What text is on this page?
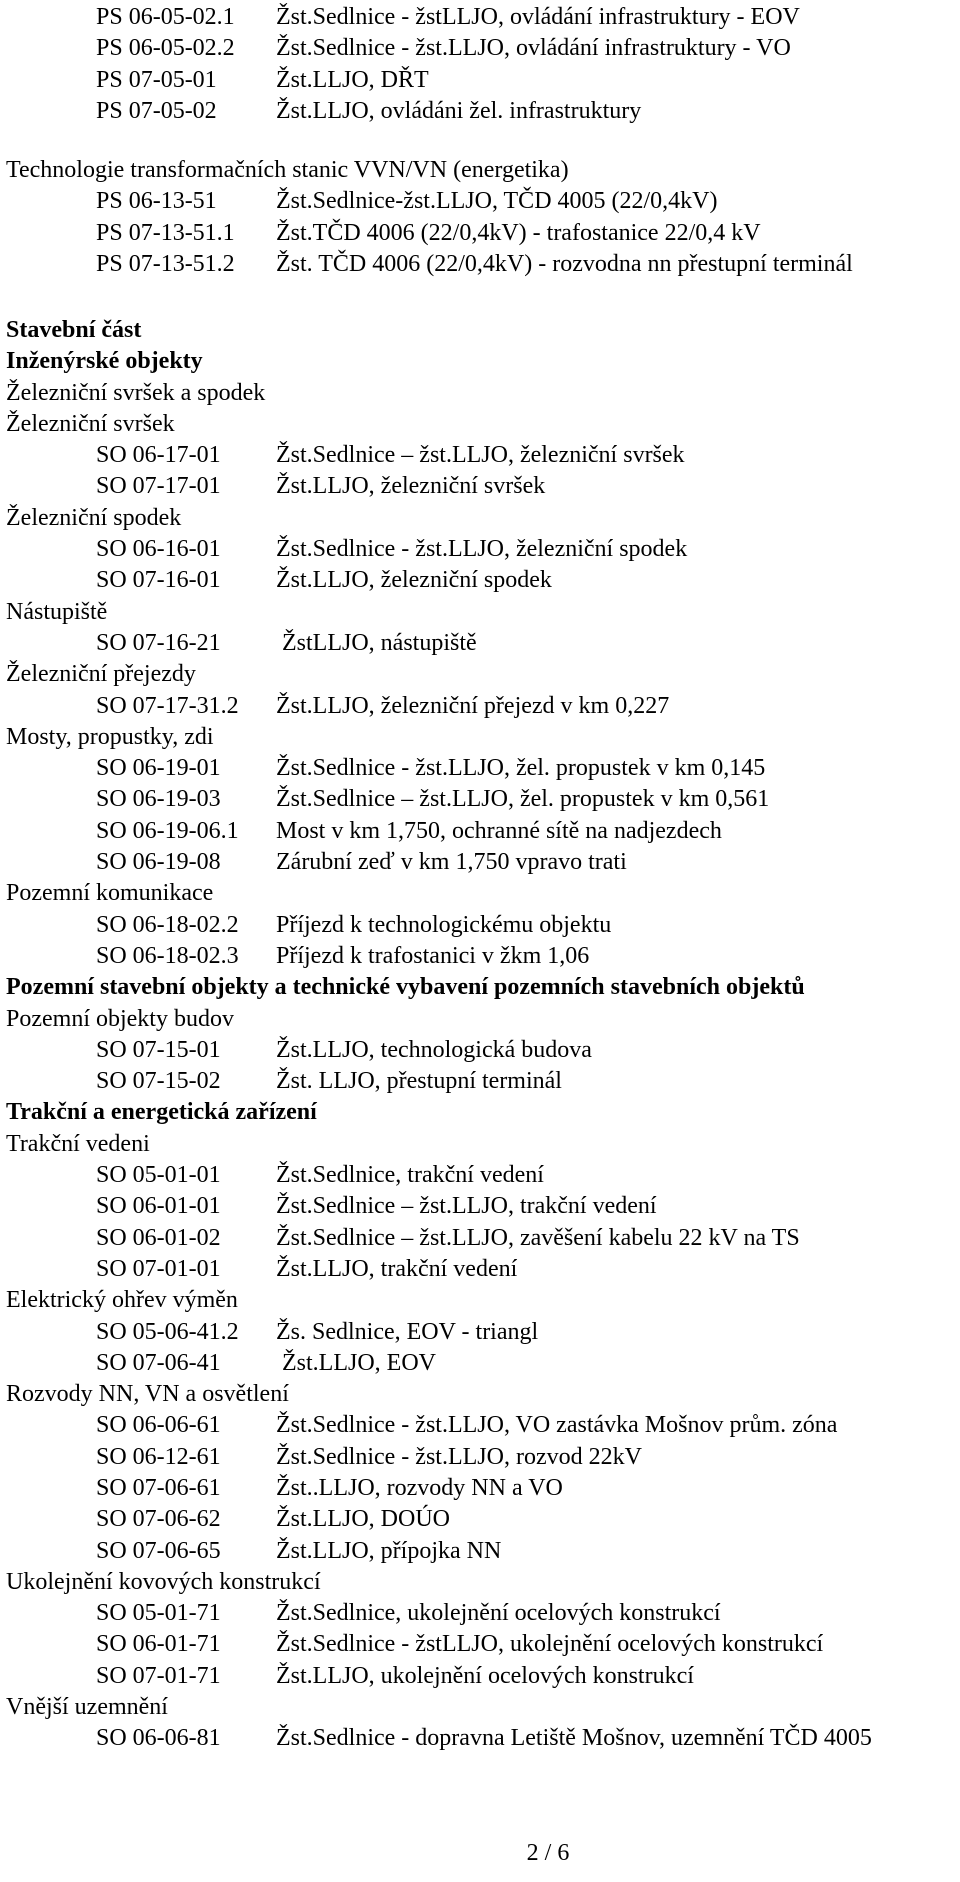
PS 06-05-02.1 Žst.Sedlnice - žstLLJO, ovládání infrastruktury - EOV
PS 06-05-02.2 Žst.Sedlnice - žst.LLJO, ovládání infrastruktury - VO
PS 07-05-01 Žst.LLJO, DŘT
PS 07-05-02 Žst.LLJO, ovládáni žel. infrastruktury
Technologie transformačních stanic VVN/VN (energetika)
PS 06-13-51 Žst.Sedlnice-žst.LLJO, TČD 4005 (22/0,4kV)
PS 07-13-51.1 Žst.TČD 4006 (22/0,4kV) - trafostanice 22/0,4 kV
PS 07-13-51.2 Žst. TČD 4006 (22/0,4kV) - rozvodna nn přestupní terminál
Stavební část
Inženýrské objekty
Železniční svršek a spodek
Železniční svršek
SO 06-17-01 Žst.Sedlnice – žst.LLJO, železniční svršek
SO 07-17-01 Žst.LLJO, železniční svršek
Železniční spodek
SO 06-16-01 Žst.Sedlnice - žst.LLJO, železniční spodek
SO 07-16-01 Žst.LLJO, železniční spodek
Nástupiště
SO 07-16-21 ŽstLLJO, nástupiště
Železniční přejezdy
SO 07-17-31.2 Žst.LLJO, železniční přejezd v km 0,227
Mosty, propustky, zdi
SO 06-19-01 Žst.Sedlnice - žst.LLJO, žel. propustek v km 0,145
SO 06-19-03 Žst.Sedlnice – žst.LLJO, žel. propustek v km 0,561
SO 06-19-06.1 Most v km 1,750, ochranné sítě na nadjezdech
SO 06-19-08 Zárubní zeď v km 1,750 vpravo trati
Pozemní komunikace
SO 06-18-02.2 Příjezd k technologickému objektu
SO 06-18-02.3 Příjezd k trafostanici v žkm 1,06
Pozemní stavební objekty a technické vybavení pozemních stavebních objektů
Pozemní objekty budov
SO 07-15-01 Žst.LLJO, technologická budova
SO 07-15-02 Žst. LLJO, přestupní terminál
Trakční a energetická zařízení
Trakční vedeni
SO 05-01-01 Žst.Sedlnice, trakční vedení
SO 06-01-01 Žst.Sedlnice – žst.LLJO, trakční vedení
SO 06-01-02 Žst.Sedlnice – žst.LLJO, zavěšení kabelu 22 kV na TS
SO 07-01-01 Žst.LLJO, trakční vedení
Elektrický ohřev výměn
SO 05-06-41.2 Žs. Sedlnice, EOV - triangl
SO 07-06-41 Žst.LLJO, EOV
Rozvody NN, VN a osvětlení
SO 06-06-61 Žst.Sedlnice - žst.LLJO, VO zastávka Mošnov prům. zóna
SO 06-12-61 Žst.Sedlnice - žst.LLJO, rozvod 22kV
SO 07-06-61 Žst..LLJO, rozvody NN a VO
SO 07-06-62 Žst.LLJO, DOÚO
SO 07-06-65 Žst.LLJO, přípojka NN
Ukolejnění kovových konstrukcí
SO 05-01-71 Žst.Sedlnice, ukolejnění ocelových konstrukcí
SO 06-01-71 Žst.Sedlnice - žstLLJO, ukolejnění ocelových konstrukcí
SO 07-01-71 Žst.LLJO, ukolejnění ocelových konstrukcí
Vnější uzemnění
SO 06-06-81 Žst.Sedlnice - dopravna Letiště Mošnov, uzemnění TČD 4005
2 / 6
